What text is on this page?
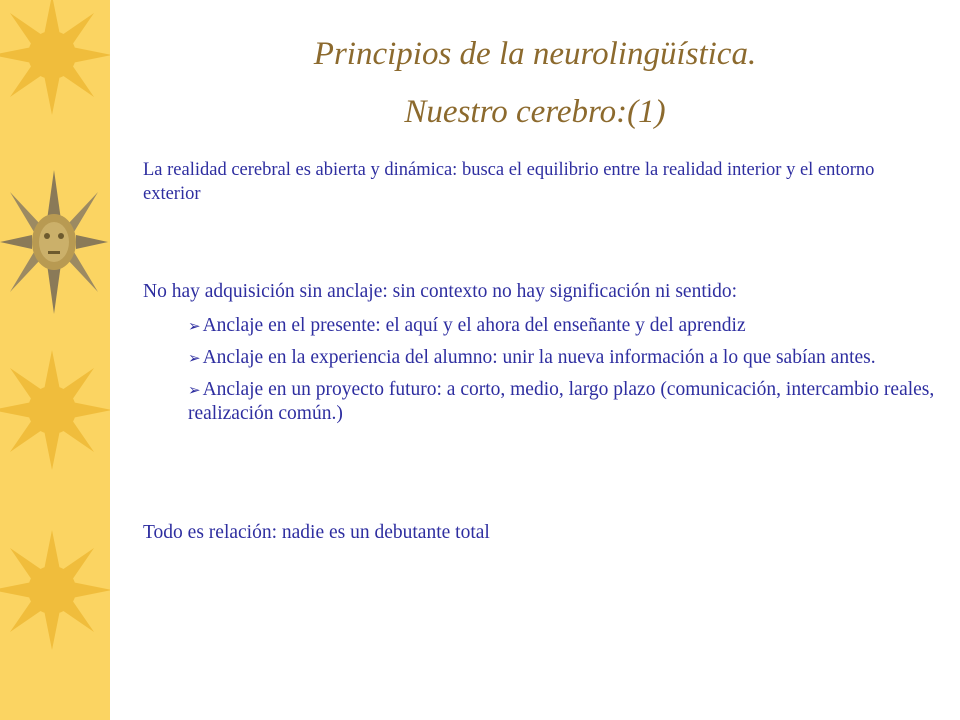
Principios de la neurolingüística.
Nuestro cerebro:(1)
La realidad cerebral es abierta y dinámica: busca el equilibrio entre la realidad interior y el entorno exterior
No hay adquisición sin anclaje: sin contexto no hay significación ni sentido:
➢ Anclaje en el presente: el aquí y el ahora del enseñante y del aprendiz
➢ Anclaje en la experiencia del alumno: unir la nueva información a lo que sabían antes.
➢ Anclaje en un proyecto futuro: a corto, medio, largo plazo (comunicación, intercambio reales, realización común.)
Todo es relación: nadie es un debutante total
